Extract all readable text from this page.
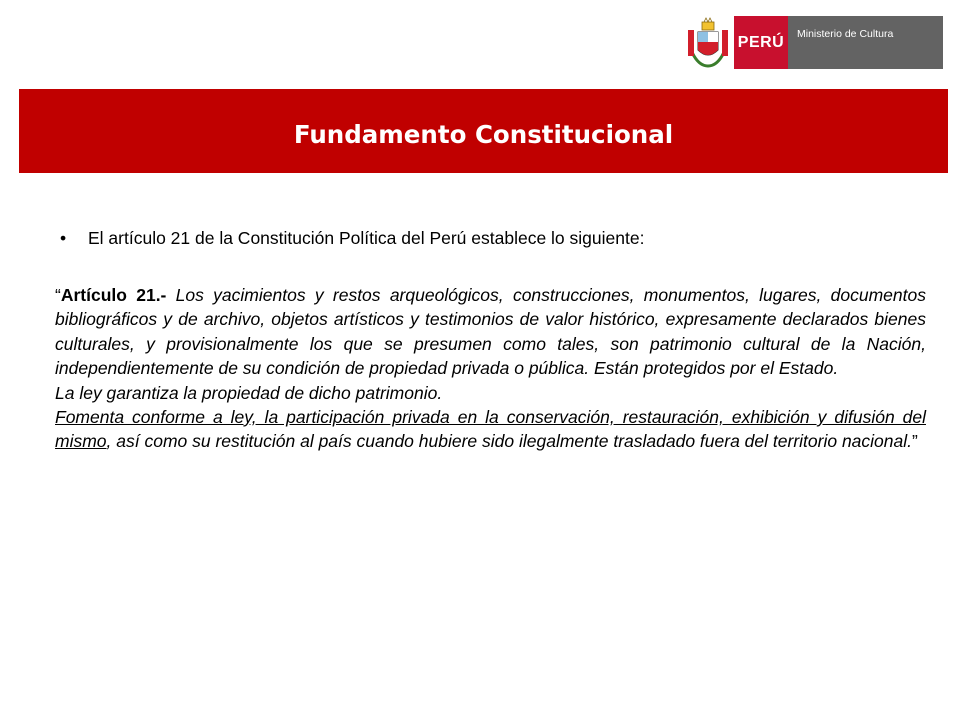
PERÚ	Ministerio de Cultura
Fundamento Constitucional
•	El artículo 21 de la Constitución Política del Perú establece lo siguiente:

“Artículo 21.- Los yacimientos y restos arqueológicos, construcciones, monumentos, lugares, documentos bibliográficos y de archivo, objetos artísticos y testimonios de valor histórico, expresamente declarados bienes culturales, y provisionalmente los que se presumen como tales, son patrimonio cultural de la Nación, independientemente de su condición de propiedad privada o pública. Están protegidos por el Estado.

La ley garantiza la propiedad de dicho patrimonio.

Fomenta conforme a ley, la participación privada en la conservación, restauración, exhibición y difusión del mismo, así como su restitución al país cuando hubiere sido ilegalmente trasladado fuera del territorio nacional.”
